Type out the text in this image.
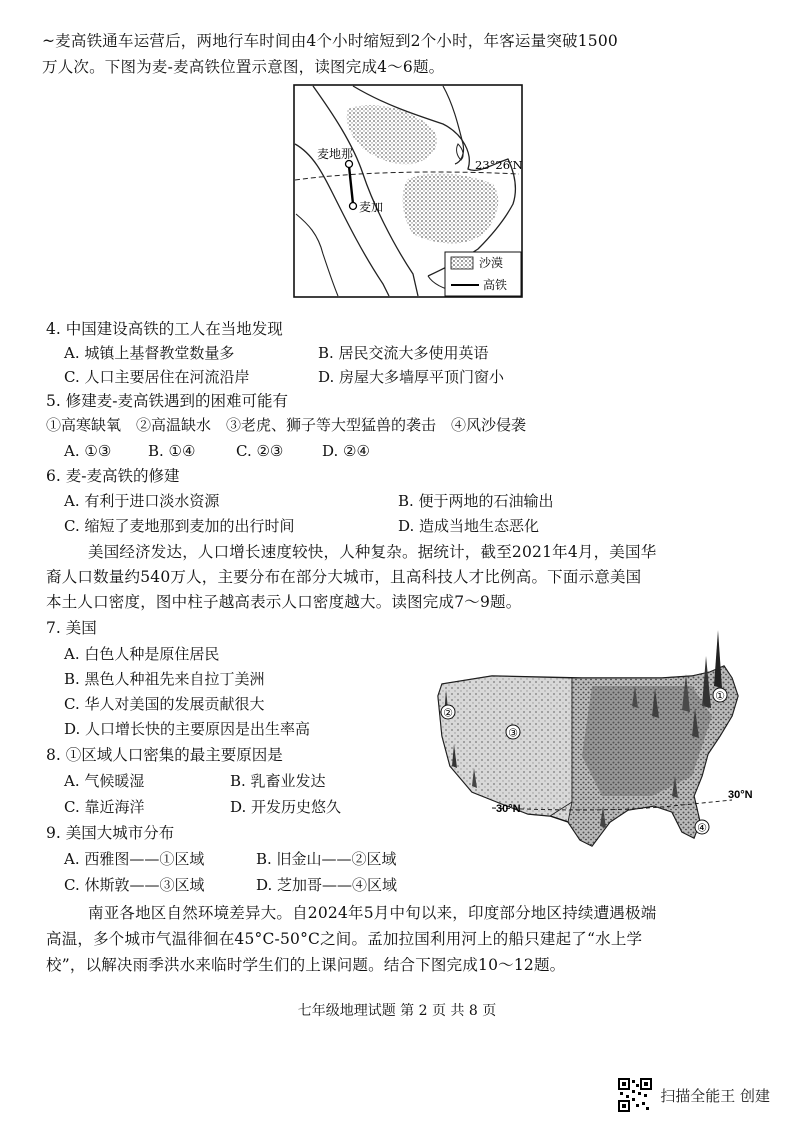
~麦高铁通车运营后，两地行车时间由4个小时缩短到2个小时，年客运量突破1500
万人次。下图为麦-麦高铁位置示意图，读图完成4～6题。
麦地那
麦加
23°26′N
沙漠
高铁
4. 中国建设高铁的工人在当地发现
A. 城镇上基督教堂数量多	B. 居民交流大多使用英语
C. 人口主要居住在河流沿岸	D. 房屋大多墙厚平顶门窗小
5. 修建麦-麦高铁遇到的困难可能有
①高寒缺氧　②高温缺水　③老虎、狮子等大型猛兽的袭击　④风沙侵袭
A. ①③ B. ①④	C. ②③	D. ②④
6. 麦-麦高铁的修建
A. 有利于进口淡水资源	B. 便于两地的石油输出
C. 缩短了麦地那到麦加的出行时间	D. 造成当地生态恶化
美国经济发达，人口增长速度较快，人种复杂。据统计，截至2021年4月，美国华
裔人口数量约540万人，主要分布在部分大城市，且高科技人才比例高。下面示意美国
本土人口密度，图中柱子越高表示人口密度越大。读图完成7～9题。
①
②
③
④
30°N
30°N
7. 美国
A. 白色人种是原住居民
B. 黑色人种祖先来自拉丁美洲
C. 华人对美国的发展贡献很大
D. 人口增长快的主要原因是出生率高
8. ①区域人口密集的最主要原因是
A. 气候暖湿	B. 乳畜业发达
C. 靠近海洋	D. 开发历史悠久
9. 美国大城市分布
A. 西雅图——①区域	B. 旧金山——②区域
C. 休斯敦——③区域	D. 芝加哥——④区域
南亚各地区自然环境差异大。自2024年5月中旬以来，印度部分地区持续遭遇极端
高温，多个城市气温徘徊在45°C-50°C之间。孟加拉国利用河上的船只建起了“水上学
校”，以解决雨季洪水来临时学生们的上课问题。结合下图完成10～12题。
七年级地理试题 第 2 页 共 8 页
扫描全能王 创建
